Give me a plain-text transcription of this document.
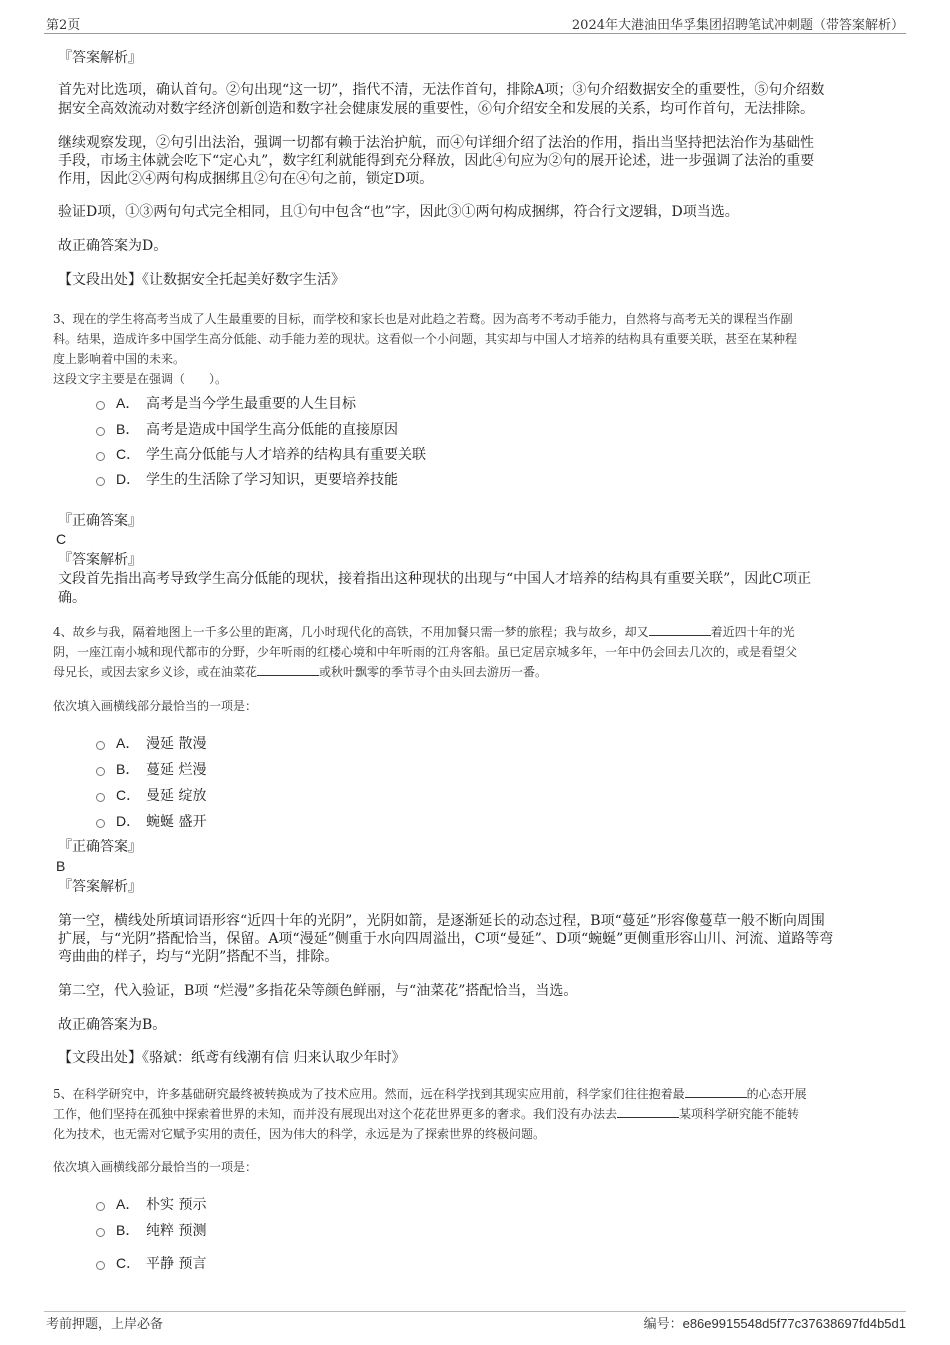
第2页	2024年大港油田华孚集团招聘笔试冲刺题（带答案解析）
『答案解析』
首先对比选项，确认首句。②句出现“这一切”，指代不清，无法作首句，排除A项；③句介绍数据安全的重要性，⑤句介绍数
据安全高效流动对数字经济创新创造和数字社会健康发展的重要性，⑥句介绍安全和发展的关系，均可作首句，无法排除。
继续观察发现，②句引出法治，强调一切都有赖于法治护航，而④句详细介绍了法治的作用，指出当坚持把法治作为基础性
手段，市场主体就会吃下“定心丸”，数字红利就能得到充分释放，因此④句应为②句的展开论述，进一步强调了法治的重要
作用，因此②④两句构成捆绑且②句在④句之前，锁定D项。
验证D项，①③两句句式完全相同，且①句中包含“也”字，因此③①两句构成捆绑，符合行文逻辑，D项当选。
故正确答案为D。
【文段出处】《让数据安全托起美好数字生活》
3、现在的学生将高考当成了人生最重要的目标，而学校和家长也是对此趋之若鹜。因为高考不考动手能力，自然将与高考无关的课程当作副
科。结果，造成许多中国学生高分低能、动手能力差的现状。这看似一个小问题，其实却与中国人才培养的结构具有重要关联，甚至在某种程
度上影响着中国的未来。
这段文字主要是在强调（　　）。
A． 高考是当今学生最重要的人生目标
B． 高考是造成中国学生高分低能的直接原因
C． 学生高分低能与人才培养的结构具有重要关联
D． 学生的生活除了学习知识，更要培养技能
『正确答案』
C
『答案解析』
文段首先指出高考导致学生高分低能的现状，接着指出这种现状的出现与“中国人才培养的结构具有重要关联”，因此C项正
确。
4、故乡与我，隔着地图上一千多公里的距离，几小时现代化的高铁，不用加餐只需一梦的旅程；我与故乡，却又	着近四十年的光
阴，一座江南小城和现代都市的分野，少年听雨的红楼心境和中年听雨的江舟客船。虽已定居京城多年，一年中仍会回去几次的，或是看望父
母兄长，或因去家乡义诊，或在油菜花	或秋叶飘零的季节寻个由头回去游历一番。
依次填入画横线部分最恰当的一项是：
A． 漫延 散漫
B． 蔓延 烂漫
C． 曼延 绽放
D． 蜿蜒 盛开
『正确答案』
B
『答案解析』
第一空，横线处所填词语形容“近四十年的光阴”，光阴如箭，是逐渐延长的动态过程，B项“蔓延”形容像蔓草一般不断向周围
扩展，与“光阴”搭配恰当，保留。A项“漫延”侧重于水向四周溢出，C项“曼延”、D项“蜿蜒”更侧重形容山川、河流、道路等弯
弯曲曲的样子，均与“光阴”搭配不当，排除。
第二空，代入验证，B项 “烂漫”多指花朵等颜色鲜丽，与“油菜花”搭配恰当，当选。
故正确答案为B。
【文段出处】《骆斌：纸鸢有线潮有信 归来认取少年时》
5、在科学研究中，许多基础研究最终被转换成为了技术应用。然而，远在科学找到其现实应用前，科学家们往往抱着最	的心态开展
工作，他们坚持在孤独中探索着世界的未知，而并没有展现出对这个花花世界更多的奢求。我们没有办法去	某项科学研究能不能转
化为技术，也无需对它赋予实用的责任，因为伟大的科学，永远是为了探索世界的终极问题。
依次填入画横线部分最恰当的一项是：
A． 朴实 预示
B． 纯粹 预测
C． 平静 预言
考前押题，上岸必备	编号：e86e9915548d5f77c37638697fd4b5d1
